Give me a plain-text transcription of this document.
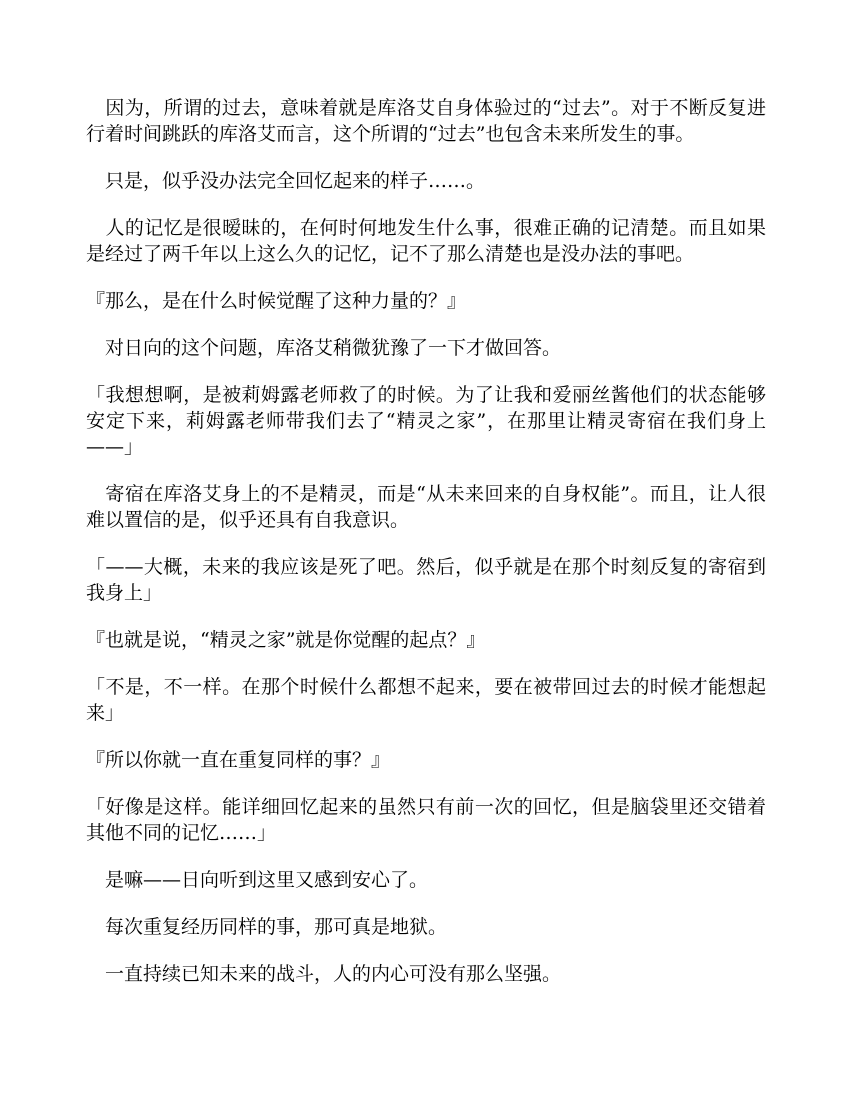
　因为，所谓的过去，意味着就是库洛艾自身体验过的“过去”。对于不断反复进行着时间跳跃的库洛艾而言，这个所谓的“过去”也包含未来所发生的事。

　只是，似乎没办法完全回忆起来的样子……。

　人的记忆是很暧昧的，在何时何地发生什么事，很难正确的记清楚。而且如果是经过了两千年以上这么久的记忆，记不了那么清楚也是没办法的事吧。

『那么，是在什么时候觉醒了这种力量的？』

　对日向的这个问题，库洛艾稍微犹豫了一下才做回答。

「我想想啊，是被莉姆露老师救了的时候。为了让我和爱丽丝酱他们的状态能够安定下来，莉姆露老师带我们去了“精灵之家”，在那里让精灵寄宿在我们身上——」

　寄宿在库洛艾身上的不是精灵，而是“从未来回来的自身权能”。而且，让人很难以置信的是，似乎还具有自我意识。

「——大概，未来的我应该是死了吧。然后，似乎就是在那个时刻反复的寄宿到我身上」

『也就是说，“精灵之家”就是你觉醒的起点？』

「不是，不一样。在那个时候什么都想不起来，要在被带回过去的时候才能想起来」

『所以你就一直在重复同样的事？』

「好像是这样。能详细回忆起来的虽然只有前一次的回忆，但是脑袋里还交错着其他不同的记忆……」

　是嘛——日向听到这里又感到安心了。

　每次重复经历同样的事，那可真是地狱。

　一直持续已知未来的战斗，人的内心可没有那么坚强。
